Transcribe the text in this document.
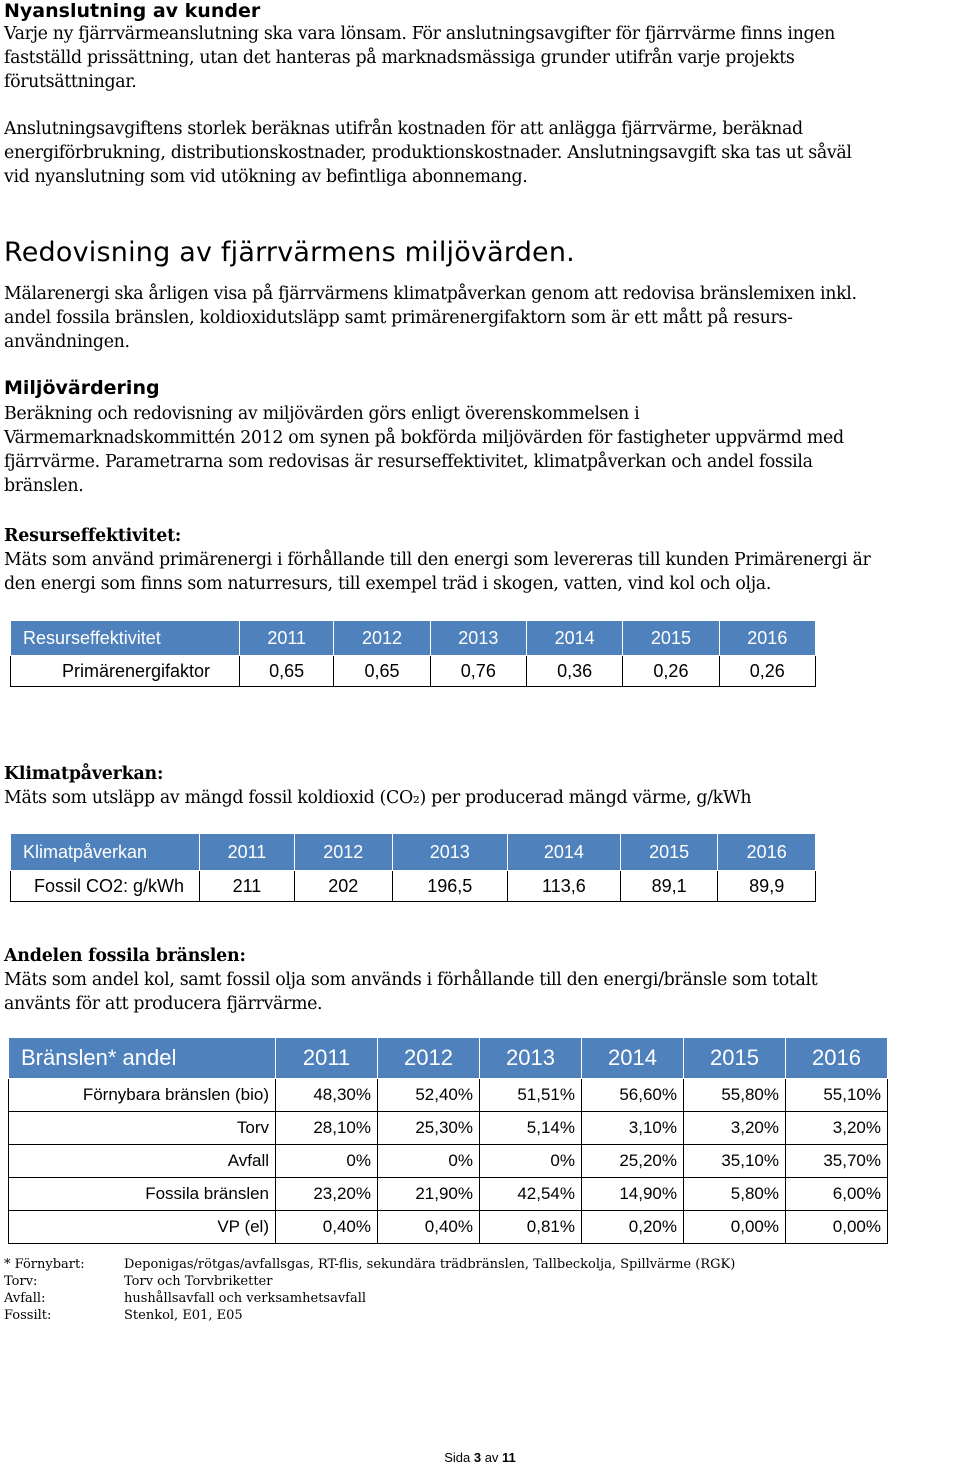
Nyanslutning av kunder

Varje ny fjärrvärmeanslutning ska vara lönsam. För anslutningsavgifter för fjärrvärme finns ingen

fastställd prissättning, utan det hanteras på marknadsmässiga grunder utifrån varje projekts

förutsättningar.

Anslutningsavgiftens storlek beräknas utifrån kostnaden för att anlägga fjärrvärme, beräknad

energiförbrukning, distributionskostnader, produktionskostnader. Anslutningsavgift ska tas ut såväl

vid nyanslutning som vid utökning av befintliga abonnemang.

Redovisning av fjärrvärmens miljövärden.

Mälarenergi ska årligen visa på fjärrvärmens klimatpåverkan genom att redovisa bränslemixen inkl.

andel fossila bränslen, koldioxidutsläpp samt primärenergifaktorn som är ett mått på resurs-

användningen.

Miljövärdering

Beräkning och redovisning av miljövärden görs enligt överenskommelsen i

Värmemarknadskommittén 2012 om synen på bokförda miljövärden för fastigheter uppvärmd med

fjärrvärme. Parametrarna som redovisas är resurseffektivitet, klimatpåverkan och andel fossila

bränslen.

Resurseffektivitet:

Mäts som använd primärenergi i förhållande till den energi som levereras till kunden Primärenergi är

den energi som finns som naturresurs, till exempel träd i skogen, vatten, vind kol och olja.

Resurseffektivitet	2011	2012	2013	2014	2015	2016
Primärenergifaktor	0,65	0,65	0,76	0,36	0,26	0,26
Klimatpåverkan:

Mäts som utsläpp av mängd fossil koldioxid (CO₂) per producerad mängd värme, g/kWh

Klimatpåverkan	2011	2012	2013	2014	2015	2016
Fossil CO2: g/kWh	211	202	196,5	113,6	89,1	89,9
Andelen fossila bränslen:

Mäts som andel kol, samt fossil olja som används i förhållande till den energi/bränsle som totalt

använts för att producera fjärrvärme.

Bränslen* andel	2011	2012	2013	2014	2015	2016
Förnybara bränslen (bio)	48,30%	52,40%	51,51%	56,60%	55,80%	55,10%
Torv	28,10%	25,30%	5,14%	3,10%	3,20%	3,20%
Avfall	0%	0%	0%	25,20%	35,10%	35,70%
Fossila bränslen	23,20%	21,90%	42,54%	14,90%	5,80%	6,00%
VP (el)	0,40%	0,40%	0,81%	0,20%	0,00%	0,00%
* Förnybart:	Deponigas/rötgas/avfallsgas, RT-flis, sekundära trädbränslen, Tallbeckolja, Spillvärme (RGK)
Torv:	Torv och Torvbriketter
Avfall:	hushållsavfall och verksamhetsavfall
Fossilt:	Stenkol, E01, E05
Sida 3 av 11
